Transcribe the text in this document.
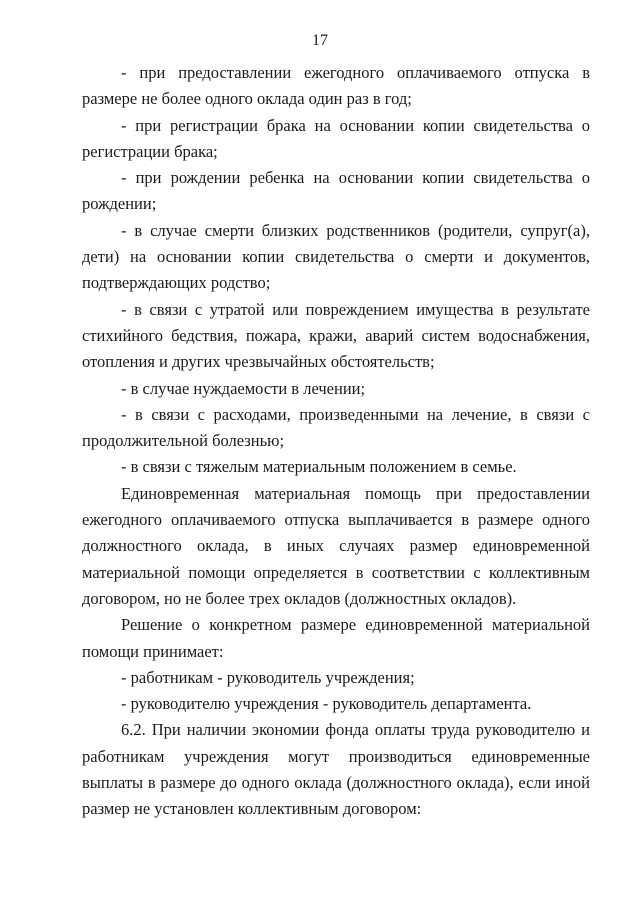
17

- при предоставлении ежегодного оплачиваемого отпуска в размере не более одного оклада один раз в год;

- при регистрации брака на основании копии свидетельства о регистрации брака;

- при рождении ребенка на основании копии свидетельства о рождении;

- в случае смерти близких родственников (родители, супруг(а), дети) на основании копии свидетельства о смерти и документов, подтверждающих родство;

- в связи с утратой или повреждением имущества в результате стихийного бедствия, пожара, кражи, аварий систем водоснабжения, отопления и других чрезвычайных обстоятельств;

- в случае нуждаемости в лечении;

- в связи с расходами, произведенными на лечение, в связи с продолжительной болезнью;

- в связи с тяжелым материальным положением в семье.

Единовременная материальная помощь при предоставлении ежегодного оплачиваемого отпуска выплачивается в размере одного должностного оклада, в иных случаях размер единовременной материальной помощи определяется в соответствии с коллективным договором, но не более трех окладов (должностных окладов).

Решение о конкретном размере единовременной материальной помощи принимает:

- работникам - руководитель учреждения;

- руководителю учреждения - руководитель департамента.

6.2. При наличии экономии фонда оплаты труда руководителю и работникам учреждения могут производиться единовременные выплаты в размере до одного оклада (должностного оклада), если иной размер не установлен коллективным договором:
